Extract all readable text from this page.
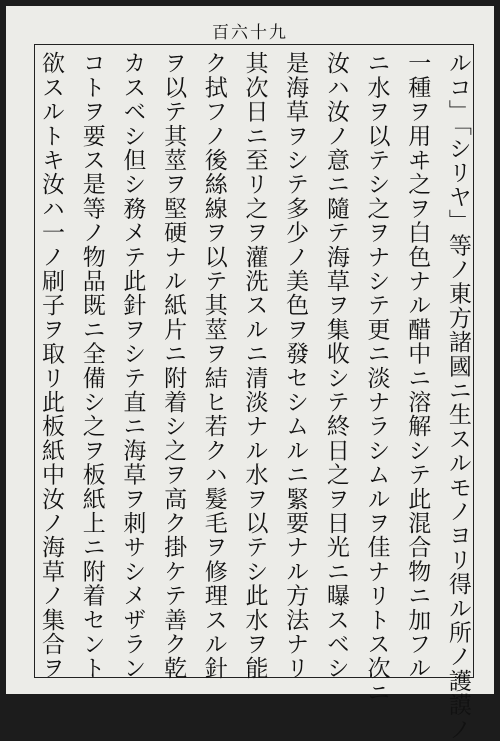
百六十九
ルコ」「シリヤ」等ノ東方諸國ニ生スルモノヨリ得ル所ノ護謨ノ
一種ヲ用ヰ之ヲ白色ナル醋中ニ溶解シテ此混合物ニ加フル
ニ水ヲ以テシ之ヲナシテ更ニ淡ナラシムルヲ佳ナリトス次ニ
汝ハ汝ノ意ニ隨テ海草ヲ集收シテ終日之ヲ日光ニ曝スベシ
是海草ヲシテ多少ノ美色ヲ發セシムルニ緊要ナル方法ナリ
其次日ニ至リ之ヲ灌洗スルニ清淡ナル水ヲ以テシ此水ヲ能
ク拭フノ後絲線ヲ以テ其莖ヲ結ヒ若クハ髮毛ヲ修理スル針
ヲ以テ其莖ヲ堅硬ナル紙片ニ附着シ之ヲ高ク掛ケテ善ク乾
カスベシ但シ務メテ此針ヲシテ直ニ海草ヲ刺サシメザラン
コトヲ要ス是等ノ物品既ニ全備シ之ヲ板紙上ニ附着セント
欲スルトキ汝ハ一ノ刷子ヲ取リ此板紙中汝ノ海草ノ集合ヲ
